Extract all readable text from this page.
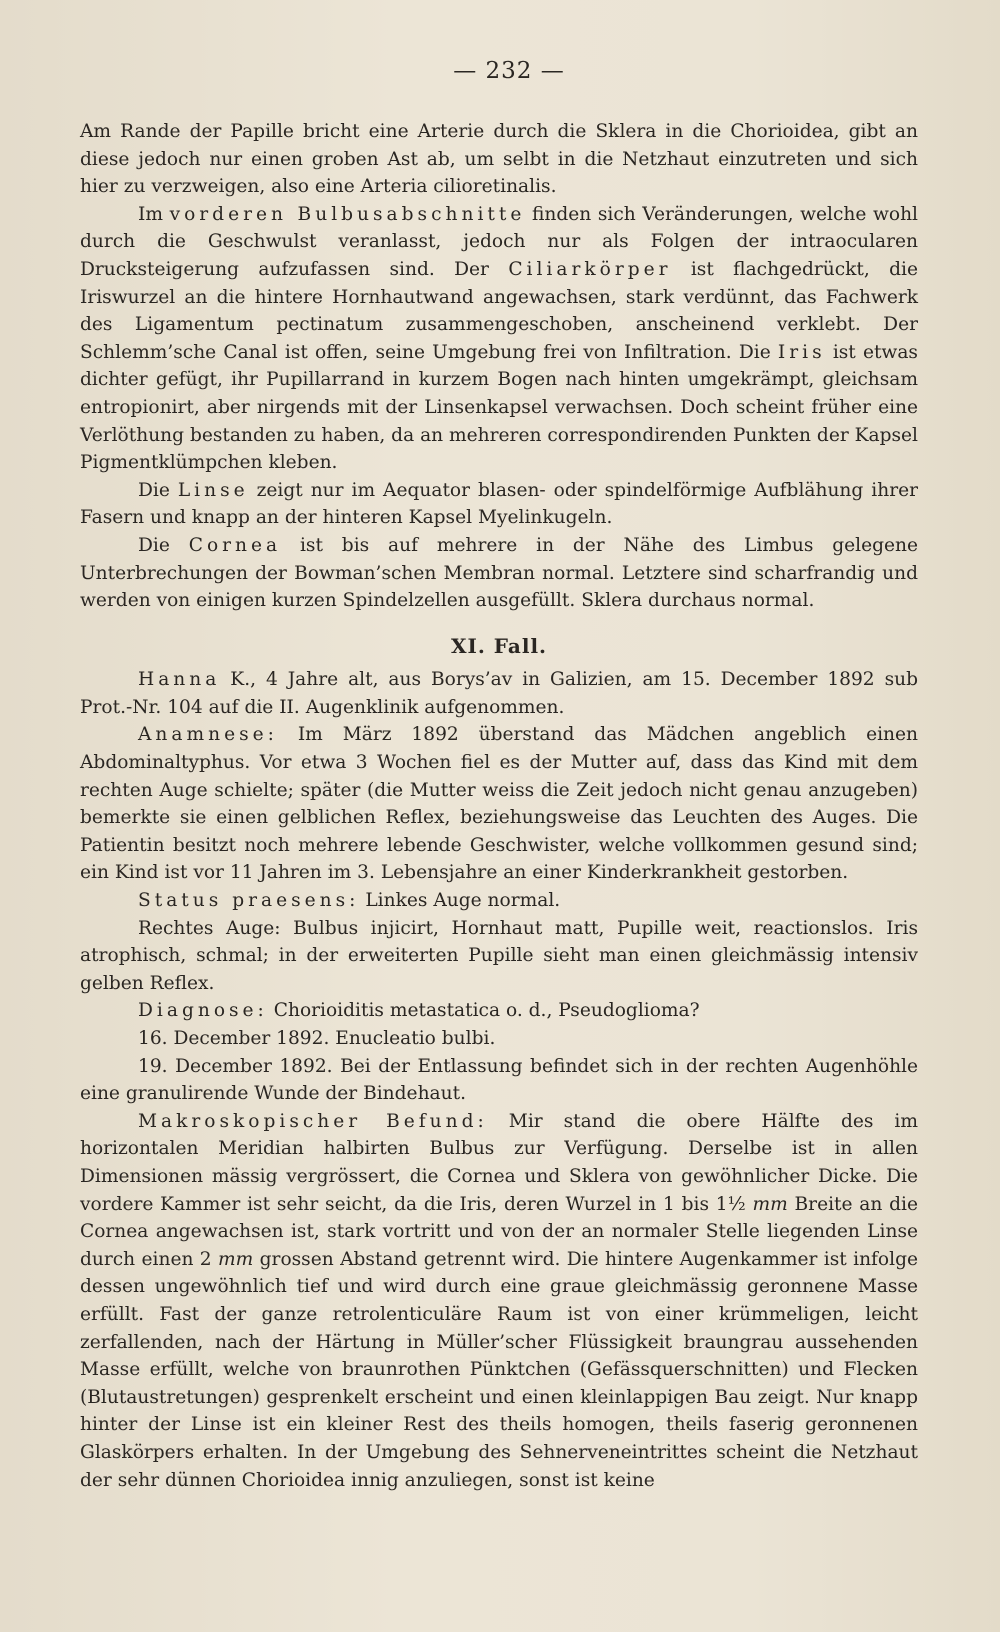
— 232 —

Am Rande der Papille bricht eine Arterie durch die Sklera in die Chorioidea, gibt an diese jedoch nur einen groben Ast ab, um selbt in die Netzhaut einzutreten und sich hier zu verzweigen, also eine Arteria cilioretinalis.

Im vorderen Bulbusabschnitte finden sich Veränderungen, welche wohl durch die Geschwulst veranlasst, jedoch nur als Folgen der intraocularen Drucksteigerung aufzufassen sind. Der Ciliarkörper ist flachgedrückt, die Iriswurzel an die hintere Hornhautwand angewachsen, stark verdünnt, das Fachwerk des Ligamentum pectinatum zusammengeschoben, anscheinend verklebt. Der Schlemm’sche Canal ist offen, seine Umgebung frei von Infiltration. Die Iris ist etwas dichter gefügt, ihr Pupillarrand in kurzem Bogen nach hinten umgekrämpt, gleichsam entropionirt, aber nirgends mit der Linsenkapsel verwachsen. Doch scheint früher eine Verlöthung bestanden zu haben, da an mehreren correspondirenden Punkten der Kapsel Pigmentklümpchen kleben.

Die Linse zeigt nur im Aequator blasen- oder spindelförmige Aufblähung ihrer Fasern und knapp an der hinteren Kapsel Myelinkugeln.

Die Cornea ist bis auf mehrere in der Nähe des Limbus gelegene Unterbrechungen der Bowman’schen Membran normal. Letztere sind scharfrandig und werden von einigen kurzen Spindelzellen ausgefüllt. Sklera durchaus normal.

XI. Fall.

Hanna K., 4 Jahre alt, aus Borys’av in Galizien, am 15. December 1892 sub Prot.-Nr. 104 auf die II. Augenklinik aufgenommen.

Anamnese: Im März 1892 überstand das Mädchen angeblich einen Abdominaltyphus. Vor etwa 3 Wochen fiel es der Mutter auf, dass das Kind mit dem rechten Auge schielte; später (die Mutter weiss die Zeit jedoch nicht genau anzugeben) bemerkte sie einen gelblichen Reflex, beziehungsweise das Leuchten des Auges. Die Patientin besitzt noch mehrere lebende Geschwister, welche vollkommen gesund sind; ein Kind ist vor 11 Jahren im 3. Lebensjahre an einer Kinderkrankheit gestorben.

Status praesens: Linkes Auge normal.

Rechtes Auge: Bulbus injicirt, Hornhaut matt, Pupille weit, reactionslos. Iris atrophisch, schmal; in der erweiterten Pupille sieht man einen gleichmässig intensiv gelben Reflex.

Diagnose: Chorioiditis metastatica o. d., Pseudoglioma?

16. December 1892. Enucleatio bulbi.

19. December 1892. Bei der Entlassung befindet sich in der rechten Augenhöhle eine granulirende Wunde der Bindehaut.

Makroskopischer Befund: Mir stand die obere Hälfte des im horizontalen Meridian halbirten Bulbus zur Verfügung. Derselbe ist in allen Dimensionen mässig vergrössert, die Cornea und Sklera von gewöhnlicher Dicke. Die vordere Kammer ist sehr seicht, da die Iris, deren Wurzel in 1 bis 1½ mm Breite an die Cornea angewachsen ist, stark vortritt und von der an normaler Stelle liegenden Linse durch einen 2 mm grossen Abstand getrennt wird. Die hintere Augenkammer ist infolge dessen ungewöhnlich tief und wird durch eine graue gleichmässig geronnene Masse erfüllt. Fast der ganze retrolenticuläre Raum ist von einer krümmeligen, leicht zerfallenden, nach der Härtung in Müller’scher Flüssigkeit braungrau aussehenden Masse erfüllt, welche von braunrothen Pünktchen (Gefässquerschnitten) und Flecken (Blutaustretungen) gesprenkelt erscheint und einen kleinlappigen Bau zeigt. Nur knapp hinter der Linse ist ein kleiner Rest des theils homogen, theils faserig geronnenen Glaskörpers erhalten. In der Umgebung des Sehnerveneintrittes scheint die Netzhaut der sehr dünnen Chorioidea innig anzuliegen, sonst ist keine
